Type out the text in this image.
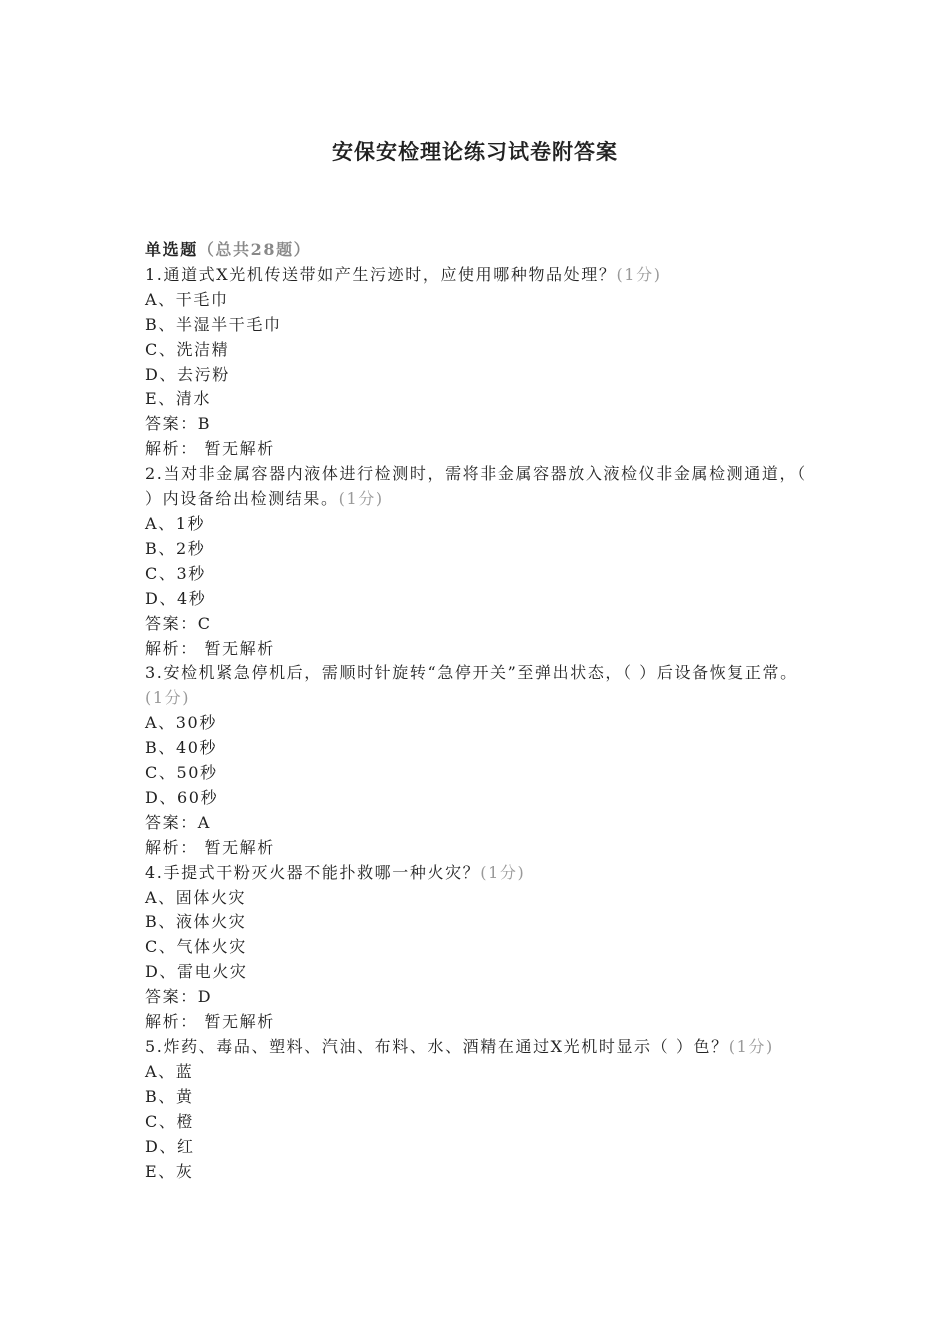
安保安检理论练习试卷附答案
单选题（总共28题）
1.通道式X光机传送带如产生污迹时，应使用哪种物品处理？(1分)
A、干毛巾
B、半湿半干毛巾
C、洗洁精
D、去污粉
E、清水
答案：B
解析： 暂无解析
2.当对非金属容器内液体进行检测时，需将非金属容器放入液检仪非金属检测通道，（ ）内设备给出检测结果。(1分)
A、1秒
B、2秒
C、3秒
D、4秒
答案：C
解析： 暂无解析
3.安检机紧急停机后，需顺时针旋转“急停开关”至弹出状态，（ ）后设备恢复正常。(1分)
A、30秒
B、40秒
C、50秒
D、60秒
答案：A
解析： 暂无解析
4.手提式干粉灭火器不能扑救哪一种火灾？(1分)
A、固体火灾
B、液体火灾
C、气体火灾
D、雷电火灾
答案：D
解析： 暂无解析
5.炸药、毒品、塑料、汽油、布料、水、酒精在通过X光机时显示（ ）色？(1分)
A、蓝
B、黄
C、橙
D、红
E、灰
